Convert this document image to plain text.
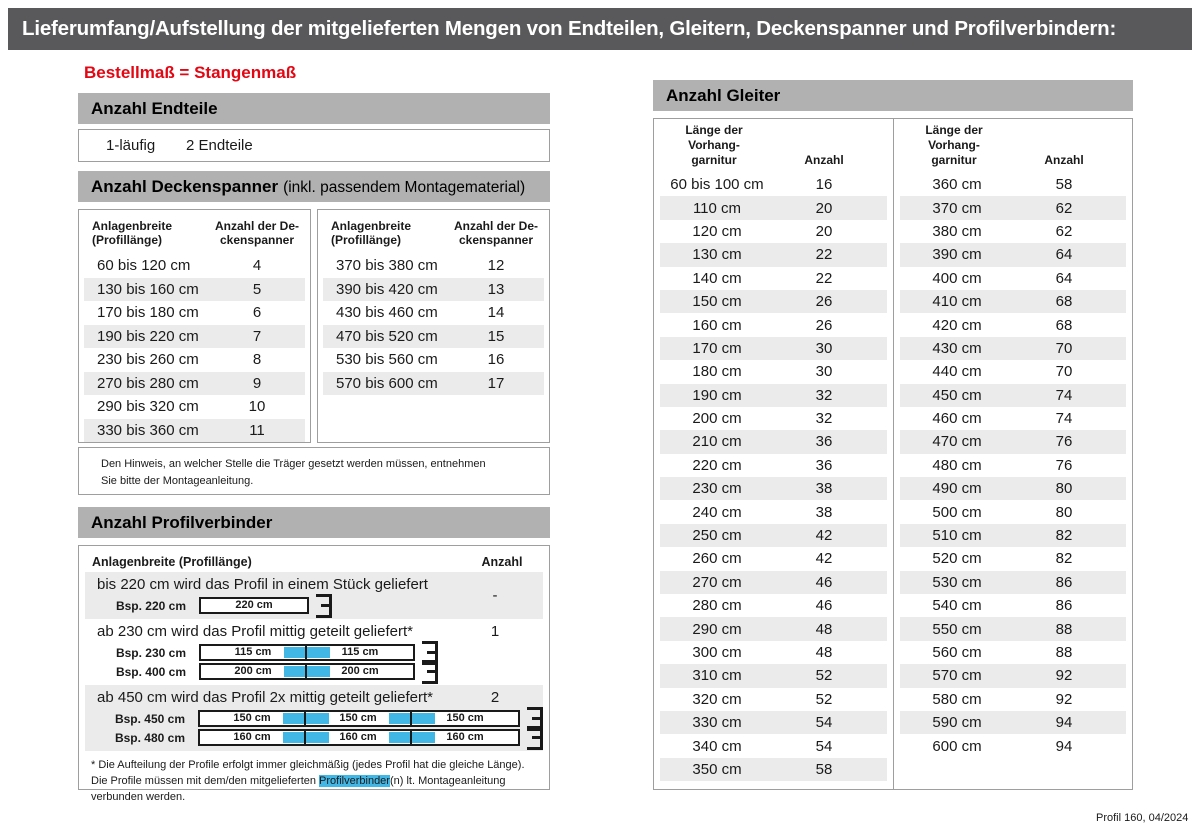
Lieferumfang/Aufstellung der mitgelieferten Mengen von Endteilen, Gleitern, Deckenspanner und Profilverbindern:
Bestellmaß = Stangenmaß
Anzahl Endteile
1-läufig 2 Endteile
Anzahl Deckenspanner (inkl. passendem Montagematerial)
Anlagenbreite (Profillänge)
Anzahl der De-ckenspanner
60 bis 120 cm	4
130 bis 160 cm	5
170 bis 180 cm	6
190 bis 220 cm	7
230 bis 260 cm	8
270 bis 280 cm	9
290 bis 320 cm	10
330 bis 360 cm	11
Anlagenbreite (Profillänge)
Anzahl der De-ckenspanner
370 bis 380 cm	12
390 bis 420 cm	13
430 bis 460 cm	14
470 bis 520 cm	15
530 bis 560 cm	16
570 bis 600 cm	17
Den Hinweis, an welcher Stelle die Träger gesetzt werden müssen, entnehmen Sie bitte der Montageanleitung.
Anzahl Profilverbinder
Anlagenbreite (Profillänge)	Anzahl
bis 220 cm wird das Profil in einem Stück geliefert
-
Bsp. 220 cm	220 cm
ab 230 cm wird das Profil mittig geteilt geliefert*	1
Bsp. 230 cm	115 cm	115 cm
Bsp. 400 cm	200 cm	200 cm
ab 450 cm wird das Profil 2x mittig geteilt geliefert*	2
Bsp. 450 cm	150 cm	150 cm	150 cm
Bsp. 480 cm	160 cm	160 cm	160 cm
* Die Aufteilung der Profile erfolgt immer gleichmäßig (jedes Profil hat die gleiche Länge). Die Profile müssen mit dem/den mitgelieferten Profilverbinder(n) lt. Montageanleitung verbunden werden.
Anzahl Gleiter
Länge der Vorhang-garnitur	Anzahl
60 bis 100 cm	16
110 cm	20
120 cm	20
130 cm	22
140 cm	22
150 cm	26
160 cm	26
170 cm	30
180 cm	30
190 cm	32
200 cm	32
210 cm	36
220 cm	36
230 cm	38
240 cm	38
250 cm	42
260 cm	42
270 cm	46
280 cm	46
290 cm	48
300 cm	48
310 cm	52
320 cm	52
330 cm	54
340 cm	54
350 cm	58
Länge der Vorhang-garnitur	Anzahl
360 cm	58
370 cm	62
380 cm	62
390 cm	64
400 cm	64
410 cm	68
420 cm	68
430 cm	70
440 cm	70
450 cm	74
460 cm	74
470 cm	76
480 cm	76
490 cm	80
500 cm	80
510 cm	82
520 cm	82
530 cm	86
540 cm	86
550 cm	88
560 cm	88
570 cm	92
580 cm	92
590 cm	94
600 cm	94
Profil 160, 04/2024
